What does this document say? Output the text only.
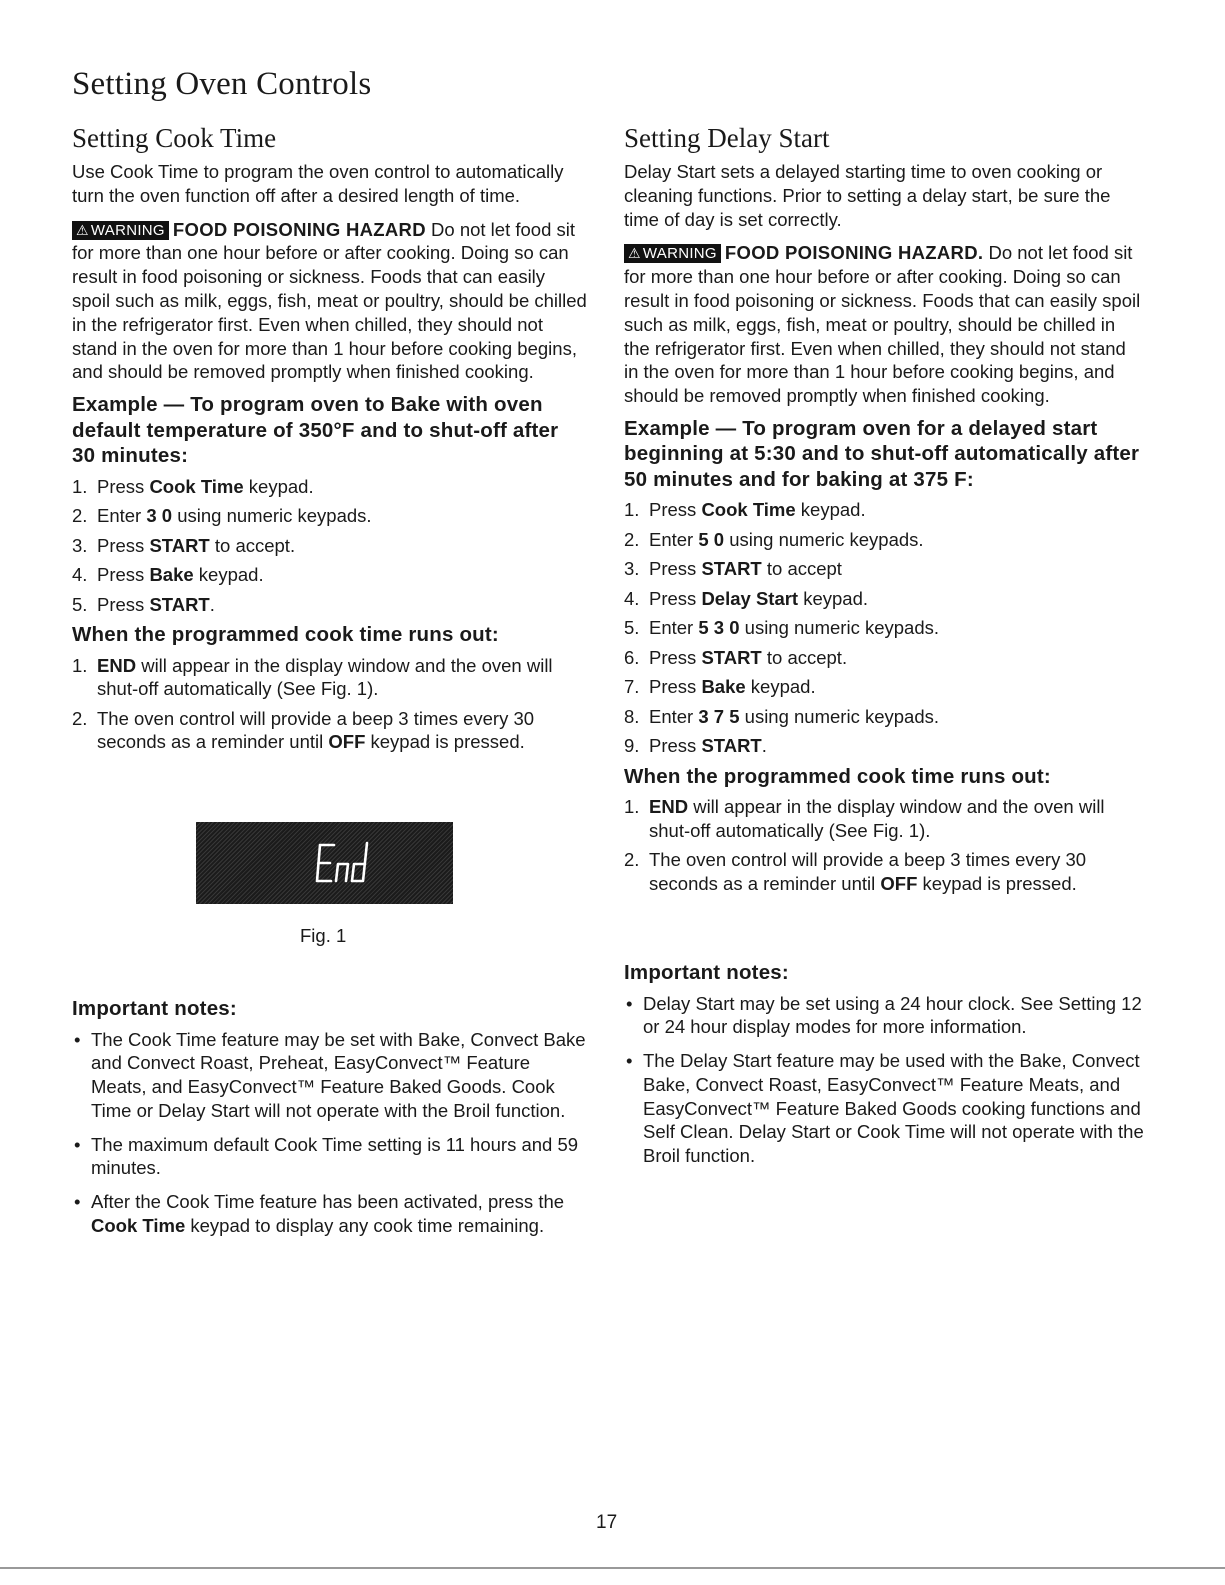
Setting Oven Controls
Setting Cook Time

Use Cook Time to program the oven control to automatically turn the oven function off after a desired length of time.

⚠ WARNING FOOD POISONING HAZARD Do not let food sit for more than one hour before or after cooking. Doing so can result in food poisoning or sickness. Foods that can easily spoil such as milk, eggs, fish, meat or poultry, should be chilled in the refrigerator first. Even when chilled, they should not stand in the oven for more than 1 hour before cooking begins, and should be removed promptly when finished cooking.

Example — To program oven to Bake with oven default temperature of 350°F and to shut-off after 30 minutes:
1. Press Cook Time keypad.
2. Enter 3 0 using numeric keypads.
3. Press START to accept.
4. Press Bake keypad.
5. Press START.
When the programmed cook time runs out:
1. END will appear in the display window and the oven will shut-off automatically (See Fig. 1).
2. The oven control will provide a beep 3 times every 30 seconds as a reminder until OFF keypad is pressed.
Fig. 1
Important notes:
• The Cook Time feature may be set with Bake, Convect Bake and Convect Roast, Preheat, EasyConvect™ Feature Meats, and EasyConvect™ Feature Baked Goods. Cook Time or Delay Start will not operate with the Broil function.
• The maximum default Cook Time setting is 11 hours and 59 minutes.
• After the Cook Time feature has been activated, press the Cook Time keypad to display any cook time remaining.
Setting Delay Start

Delay Start sets a delayed starting time to oven cooking or cleaning functions. Prior to setting a delay start, be sure the time of day is set correctly.

⚠ WARNING FOOD POISONING HAZARD. Do not let food sit for more than one hour before or after cooking. Doing so can result in food poisoning or sickness. Foods that can easily spoil such as milk, eggs, fish, meat or poultry, should be chilled in the refrigerator first. Even when chilled, they should not stand in the oven for more than 1 hour before cooking begins, and should be removed promptly when finished cooking.

Example — To program oven for a delayed start beginning at 5:30 and to shut-off automatically after 50 minutes and for baking at 375 F:
1. Press Cook Time keypad.
2. Enter 5 0 using numeric keypads.
3. Press START to accept
4. Press Delay Start keypad.
5. Enter 5 3 0 using numeric keypads.
6. Press START to accept.
7. Press Bake keypad.
8. Enter 3 7 5 using numeric keypads.
9. Press START.
When the programmed cook time runs out:
1. END will appear in the display window and the oven will shut-off automatically (See Fig. 1).
2. The oven control will provide a beep 3 times every 30 seconds as a reminder until OFF keypad is pressed.
Important notes:
• Delay Start may be set using a 24 hour clock. See Setting 12 or 24 hour display modes for more information.
• The Delay Start feature may be used with the Bake, Convect Bake, Convect Roast, EasyConvect™ Feature Meats, and EasyConvect™ Feature Baked Goods cooking functions and Self Clean. Delay Start or Cook Time will not operate with the Broil function.
17
